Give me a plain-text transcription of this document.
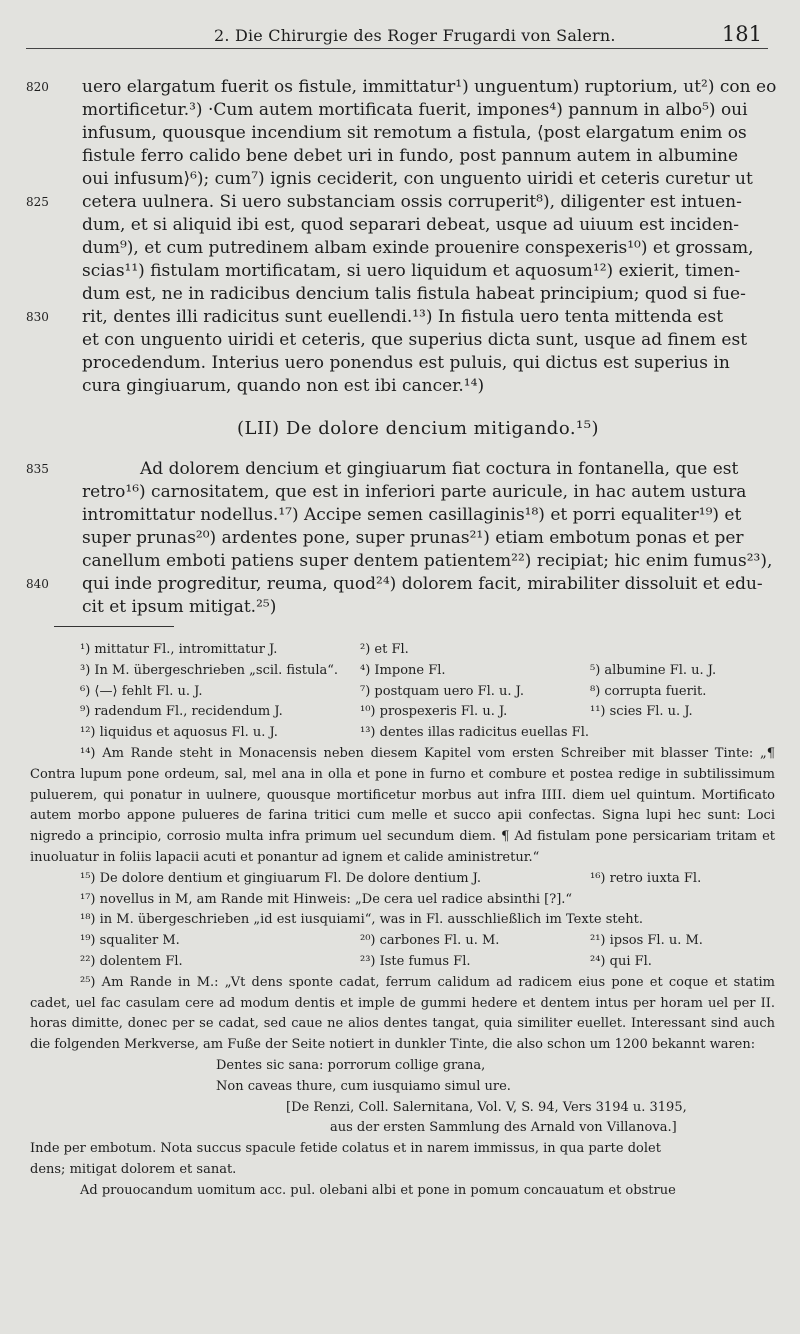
2. Die Chirurgie des Roger Frugardi von Salern.	181
820	uero elargatum fuerit os fistule, immittatur¹) unguentum) ruptorium, ut²) con eo
mortificetur.³) ·Cum autem mortificata fuerit, impones⁴) pannum in albo⁵) oui
infusum, quousque incendium sit remotum a fistula, ⟨post elargatum enim os
fistule ferro calido bene debet uri in fundo, post pannum autem in albumine
oui infusum⟩⁶); cum⁷) ignis ceciderit, con unguento uiridi et ceteris curetur ut
825	cetera uulnera. Si uero substanciam ossis corruperit⁸), diligenter est intuen-
dum, et si aliquid ibi est, quod separari debeat, usque ad uiuum est inciden-
dum⁹), et cum putredinem albam exinde prouenire conspexeris¹⁰) et grossam,
scias¹¹) fistulam mortificatam, si uero liquidum et aquosum¹²) exierit, timen-
dum est, ne in radicibus dencium talis fistula habeat principium; quod si fue-
830	rit, dentes illi radicitus sunt euellendi.¹³) In fistula uero tenta mittenda est
et con unguento uiridi et ceteris, que superius dicta sunt, usque ad finem est
procedendum. Interius uero ponendus est puluis, qui dictus est superius in
cura gingiuarum, quando non est ibi cancer.¹⁴)
(LII) De dolore dencium mitigando.¹⁵)
835	Ad dolorem dencium et gingiuarum fiat coctura in fontanella, que est
retro¹⁶) carnositatem, que est in inferiori parte auricule, in hac autem ustura
intromittatur nodellus.¹⁷) Accipe semen casillaginis¹⁸) et porri equaliter¹⁹) et
super prunas²⁰) ardentes pone, super prunas²¹) etiam embotum ponas et per
canellum emboti patiens super dentem patientem²²) recipiat; hic enim fumus²³),
840	qui inde progreditur, reuma, quod²⁴) dolorem facit, mirabiliter dissoluit et edu-
cit et ipsum mitigat.²⁵)
¹) mittatur Fl., intromittatur J.	²) et Fl.
³) In M. übergeschrieben „scil. fistula“. ⁴) Impone Fl.	⁵) albumine Fl. u. J.
⁶) ⟨—⟩ fehlt Fl. u. J.	⁷) postquam uero Fl. u. J.	⁸) corrupta fuerit.
⁹) radendum Fl., recidendum J.	¹⁰) prospexeris Fl. u. J.	¹¹) scies Fl. u. J.
¹²) liquidus et aquosus Fl. u. J.	¹³) dentes illas radicitus euellas Fl.
¹⁴) Am Rande steht in Monacensis neben diesem Kapitel vom ersten Schreiber mit blasser Tinte: „¶ Contra lupum pone ordeum, sal, mel ana in olla et pone in furno et combure et postea redige in subtilissimum puluerem, qui ponatur in uulnere, quousque mortificetur morbus aut infra IIII. diem uel quintum. Mortificato autem morbo appone pulueres de farina tritici cum melle et succo apii confectas. Signa lupi hec sunt: Loci nigredo a principio, corrosio multa infra primum uel secundum diem. ¶ Ad fistulam pone persicariam tritam et inuoluatur in foliis lapacii acuti et ponantur ad ignem et calide aministretur.“
¹⁵) De dolore dentium et gingiuarum Fl. De dolore dentium J.	¹⁶) retro iuxta Fl.
¹⁷) novellus in M, am Rande mit Hinweis: „De cera uel radice absinthi [?].“
¹⁸) in M. übergeschrieben „id est iusquiami“, was in Fl. ausschließlich im Texte steht.
¹⁹) squaliter M.	²⁰) carbones Fl. u. M.	²¹) ipsos Fl. u. M.
²²) dolentem Fl.	²³) Iste fumus Fl.	²⁴) qui Fl.
²⁵) Am Rande in M.: „Vt dens sponte cadat, ferrum calidum ad radicem eius pone et coque et statim cadet, uel fac casulam cere ad modum dentis et imple de gummi hedere et dentem intus per horam uel per II. horas dimitte, donec per se cadat, sed caue ne alios dentes tangat, quia similiter euellet. Interessant sind auch die folgenden Merkverse, am Fuße der Seite notiert in dunkler Tinte, die also schon um 1200 bekannt waren:
Dentes sic sana: porrorum collige grana,
Non caveas thure, cum iusquiamo simul ure.
[De Renzi, Coll. Salernitana, Vol. V, S. 94, Vers 3194 u. 3195,
aus der ersten Sammlung des Arnald von Villanova.]
Inde per embotum. Nota succus spacule fetide colatus et in narem immissus, in qua parte dolet
dens; mitigat dolorem et sanat.
Ad prouocandum uomitum acc. pul. olebani albi et pone in pomum concauatum et obstrue
